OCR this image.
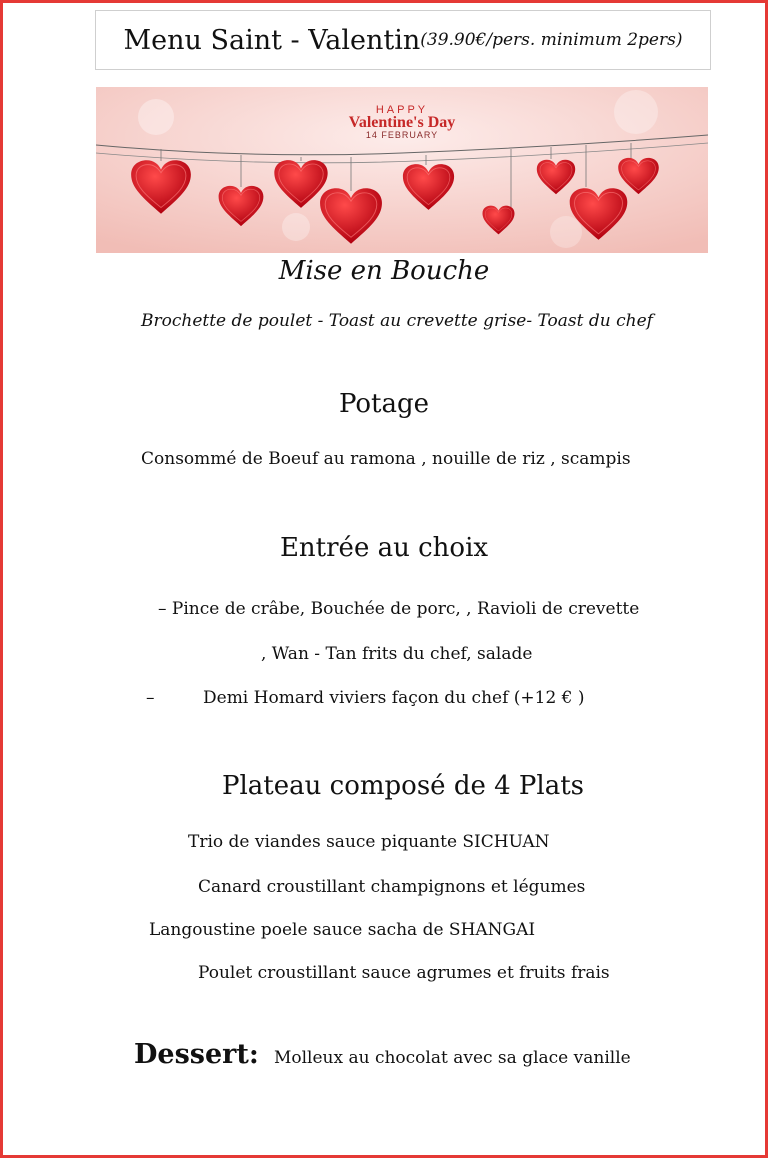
Menu Saint - Valentin (39.90€/pers. minimum 2pers)
HAPPY
Valentine's Day
14 FEBRUARY
Mise en Bouche
Brochette de poulet - Toast au crevette grise- Toast du chef
Potage
Consommé de Boeuf au ramona , nouille de riz , scampis
Entrée au choix
– Pince de crâbe, Bouchée de porc, , Ravioli de crevette
, Wan - Tan frits du chef, salade
–	Demi Homard viviers façon du chef (+12 € )
Plateau composé de 4 Plats
Trio de viandes sauce piquante SICHUAN
Canard croustillant champignons et légumes
Langoustine poele sauce sacha de SHANGAI
Poulet croustillant sauce agrumes et fruits frais
Dessert: Molleux au chocolat avec sa glace vanille
